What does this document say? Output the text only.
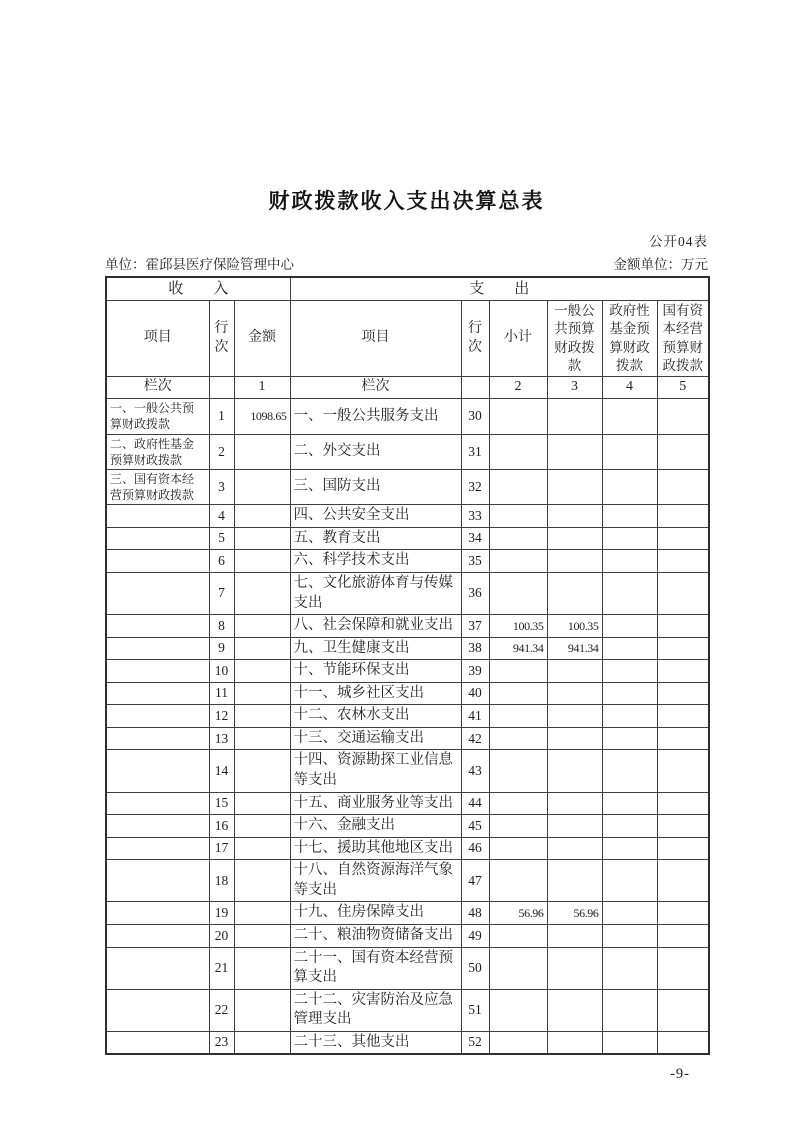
财政拨款收入支出决算总表
公开04表
单位：霍邱县医疗保险管理中心	金额单位：万元
收　　入			支　　出					
项目	行次	金额	项目	行次	小计	一般公共预算财政拨款	政府性基金预算财政拨款	国有资本经营预算财政拨款
栏次		1	栏次		2	3	4	5
一、一般公共预算财政拨款	1	1098.65	一、一般公共服务支出	30				
二、政府性基金预算财政拨款	2		二、外交支出	31				
三、国有资本经营预算财政拨款	3		三、国防支出	32				
	4		四、公共安全支出	33				
	5		五、教育支出	34				
	6		六、科学技术支出	35				
	7		七、文化旅游体育与传媒支出	36				
	8		八、社会保障和就业支出	37	100.35	100.35		
	9		九、卫生健康支出	38	941.34	941.34		
	10		十、节能环保支出	39				
	11		十一、城乡社区支出	40				
	12		十二、农林水支出	41				
	13		十三、交通运输支出	42				
	14		十四、资源勘探工业信息等支出	43				
	15		十五、商业服务业等支出	44				
	16		十六、金融支出	45				
	17		十七、援助其他地区支出	46				
	18		十八、自然资源海洋气象等支出	47				
	19		十九、住房保障支出	48	56.96	56.96		
	20		二十、粮油物资储备支出	49				
	21		二十一、国有资本经营预算支出	50				
	22		二十二、灾害防治及应急管理支出	51				
	23		二十三、其他支出	52				
-9-
